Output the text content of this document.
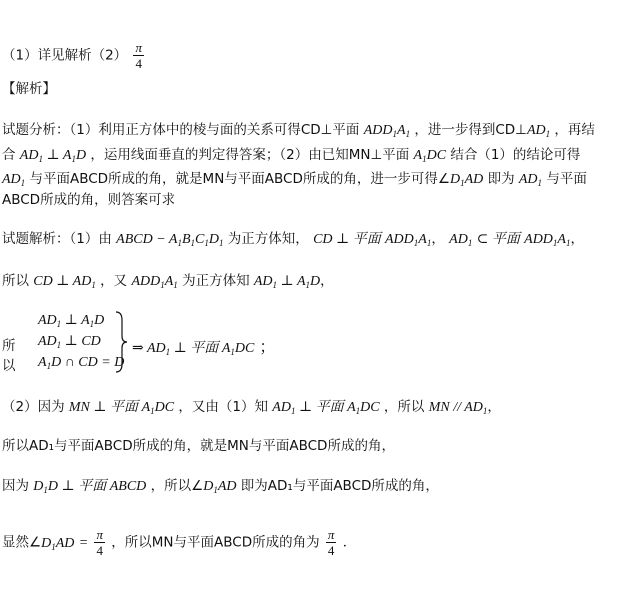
（1）详见解析$(2) \frac{\pi}{4}$
【解析】
试题分析：（1）利用正方体中的棱与面的关系可得CD⊥平面 $ADD_1A_1$ ，进一步得到$CD\perp AD_1$ ，再结
合 $AD_1$ ⊥ $A_1D$ ，运用线面垂直的判定得答案；（2）由已知MN⊥平面 $A_1DC$ 结合（1）的结论可得
$AD_1$ 与平面ABCD所成的角，就是MN与平面ABCD所成的角，进一步可得$\angle D_1AD$ 即为 $AD_1$ 与平面
ABCD所成的角，则答案可求
试题解析：（1）由 ABCD − $A_1B_1C_1D_1$ 为正方体知， CD ⊥ 平面 $ADD_1A_1$， $AD_1$ ⊂ 平面 $ADD_1A_1$，
所以 CD ⊥ $AD_1$ ，又 $ADD_1A_1$ 为正方体知 $AD_1$ ⊥ $A_1D$，
所以
$AD_1$ ⊥ $A_1D$
$AD_1$ ⊥ CD
$A_1D$ ∩ CD = D
⇒ $AD_1$ ⊥ 平面 $A_1DC$ ；
（2）因为 MN ⊥ 平面 $A_1DC$ ，又由（1）知 $AD_1$ ⊥ 平面 $A_1DC$ ，所以 MN // $AD_1$，
所以AD₁与平面ABCD所成的角，就是MN与平面ABCD所成的角，
因为 $D_1D$ ⊥ 平面 ABCD ，所以$\angle D_1AD$ 即为AD₁与平面ABCD所成的角，
显然$\angle D_1AD = \frac{\pi}{4}$ ，所以MN与平面ABCD所成的角为 $\frac{\pi}{4}$ ．
